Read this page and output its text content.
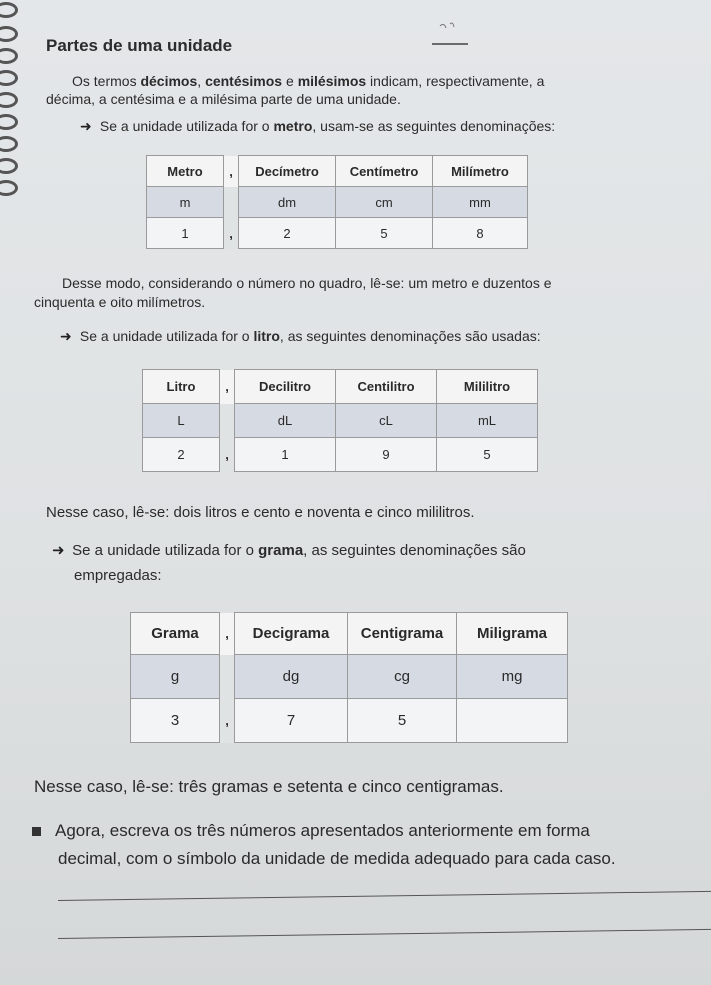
Partes de uma unidade
Os termos décimos, centésimos e milésimos indicam, respectivamente, a
décima, a centésima e a milésima parte de uma unidade.
➜ Se a unidade utilizada for o metro, usam-se as seguintes denominações:
Metro	,	Decímetro	Centímetro	Milímetro
m		dm	cm	mm
1	,	2	5	8
Desse modo, considerando o número no quadro, lê-se: um metro e duzentos e
cinquenta e oito milímetros.
➜ Se a unidade utilizada for o litro, as seguintes denominações são usadas:
Litro	,	Decilitro	Centilitro	Mililitro
L		dL	cL	mL
2	,	1	9	5
Nesse caso, lê-se: dois litros e cento e noventa e cinco mililitros.
➜ Se a unidade utilizada for o grama, as seguintes denominações são
empregadas:
Grama	,	Decigrama	Centigrama	Miligrama
g		dg	cg	mg
3	,	7	5	
Nesse caso, lê-se: três gramas e setenta e cinco centigramas.
Agora, escreva os três números apresentados anteriormente em forma
decimal, com o símbolo da unidade de medida adequado para cada caso.
